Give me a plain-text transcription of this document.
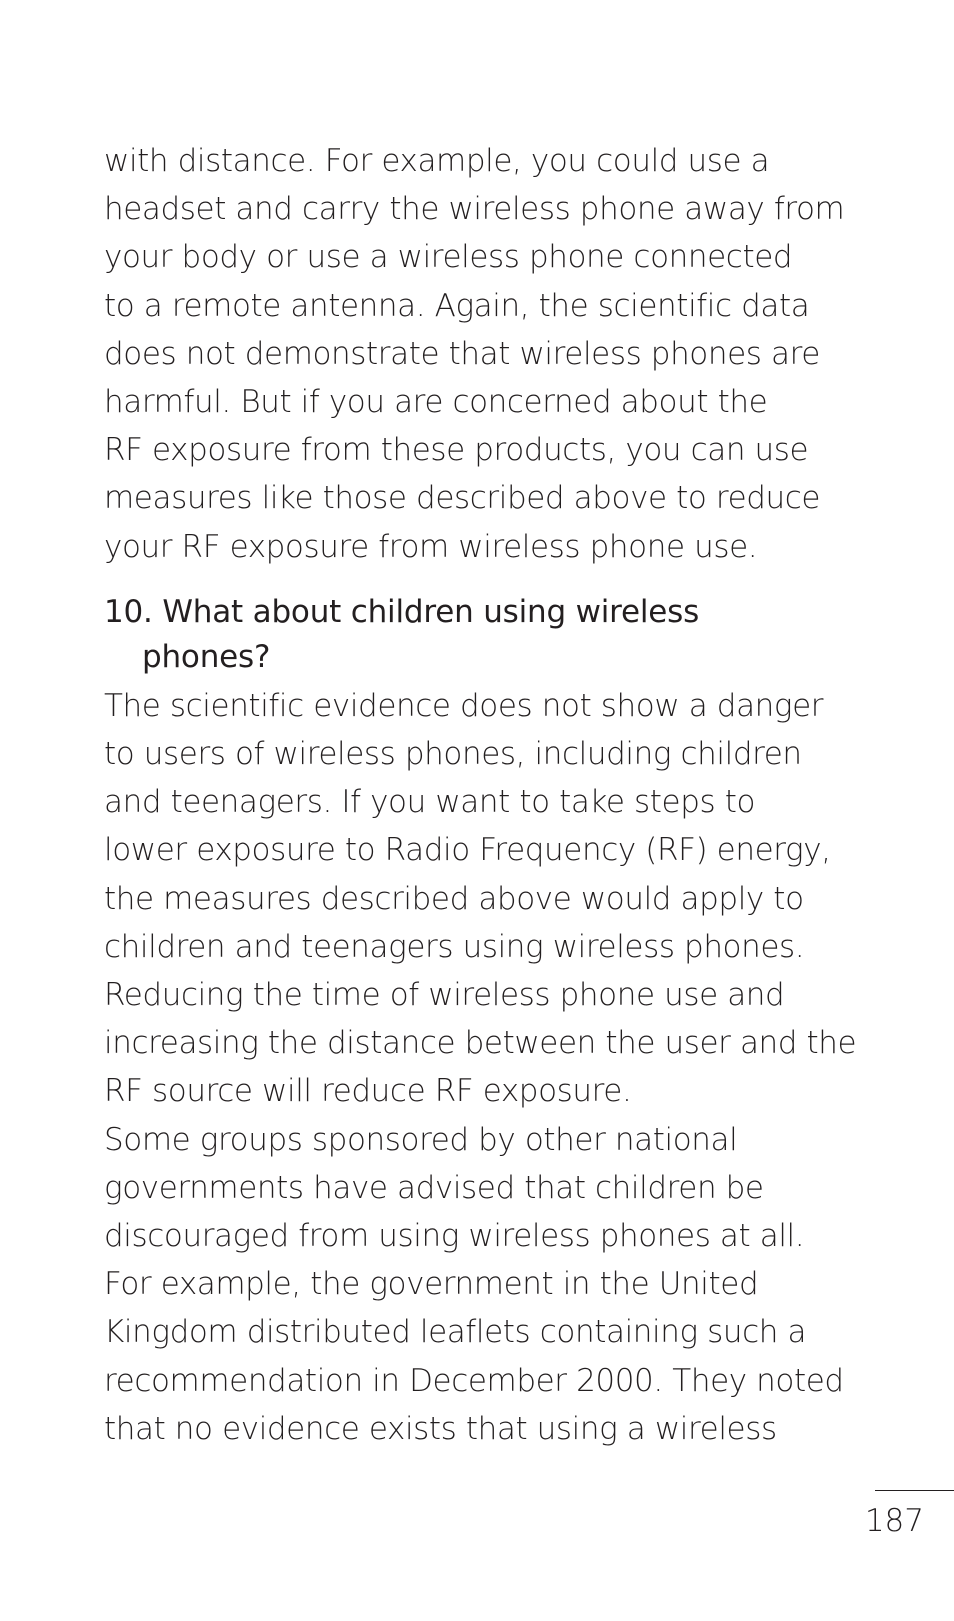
with distance. For example, you could use a
headset and carry the wireless phone away from
your body or use a wireless phone connected
to a remote antenna. Again, the scientific data
does not demonstrate that wireless phones are
harmful. But if you are concerned about the
RF exposure from these products, you can use
measures like those described above to reduce
your RF exposure from wireless phone use.
10. What about children using wireless
phones?
The scientific evidence does not show a danger
to users of wireless phones, including children
and teenagers. If you want to take steps to
lower exposure to Radio Frequency (RF) energy,
the measures described above would apply to
children and teenagers using wireless phones.
Reducing the time of wireless phone use and
increasing the distance between the user and the
RF source will reduce RF exposure.
Some groups sponsored by other national
governments have advised that children be
discouraged from using wireless phones at all.
For example, the government in the United
Kingdom distributed leaflets containing such a
recommendation in December 2000. They noted
that no evidence exists that using a wireless
187
